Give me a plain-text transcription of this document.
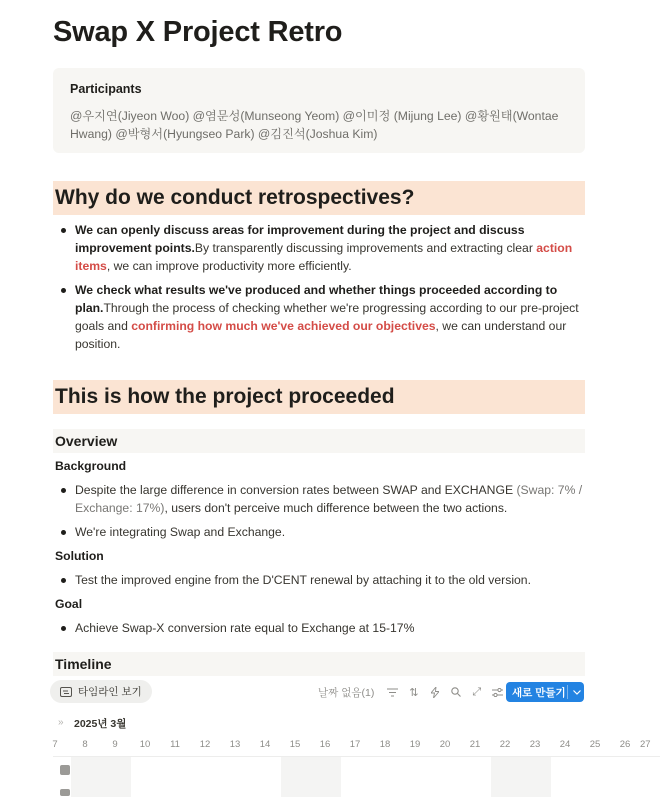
Swap X Project Retro
Participants
@우지연(Jiyeon Woo) @염문성(Munseong Yeom) @이미정 (Mijung Lee) @황원태(Wontae Hwang) @박형서(Hyungseo Park) @김진석(Joshua Kim)
Why do we conduct retrospectives?
We can openly discuss areas for improvement during the project and discuss improvement points.By transparently discussing improvements and extracting clear action items, we can improve productivity more efficiently.
We check what results we've produced and whether things proceeded according to plan.Through the process of checking whether we're progressing according to our pre-project goals and confirming how much we've achieved our objectives, we can understand our position.
This is how the project proceeded
Overview
Background
Despite the large difference in conversion rates between SWAP and EXCHANGE (Swap: 7% / Exchange: 17%), users don't perceive much difference between the two actions.
We're integrating Swap and Exchange.
Solution
Test the improved engine from the D'CENT renewal by attaching it to the old version.
Goal
Achieve Swap-X conversion rate equal to Exchange at 15-17%
Timeline
타임라인 보기	날짜 없음(1)	⇅	⤢	새로 만들기
» 2025년 3월
7	8	9	10	11	12	13	14	15	16	17	18	19	20	21	22	23	24	25	26	27
